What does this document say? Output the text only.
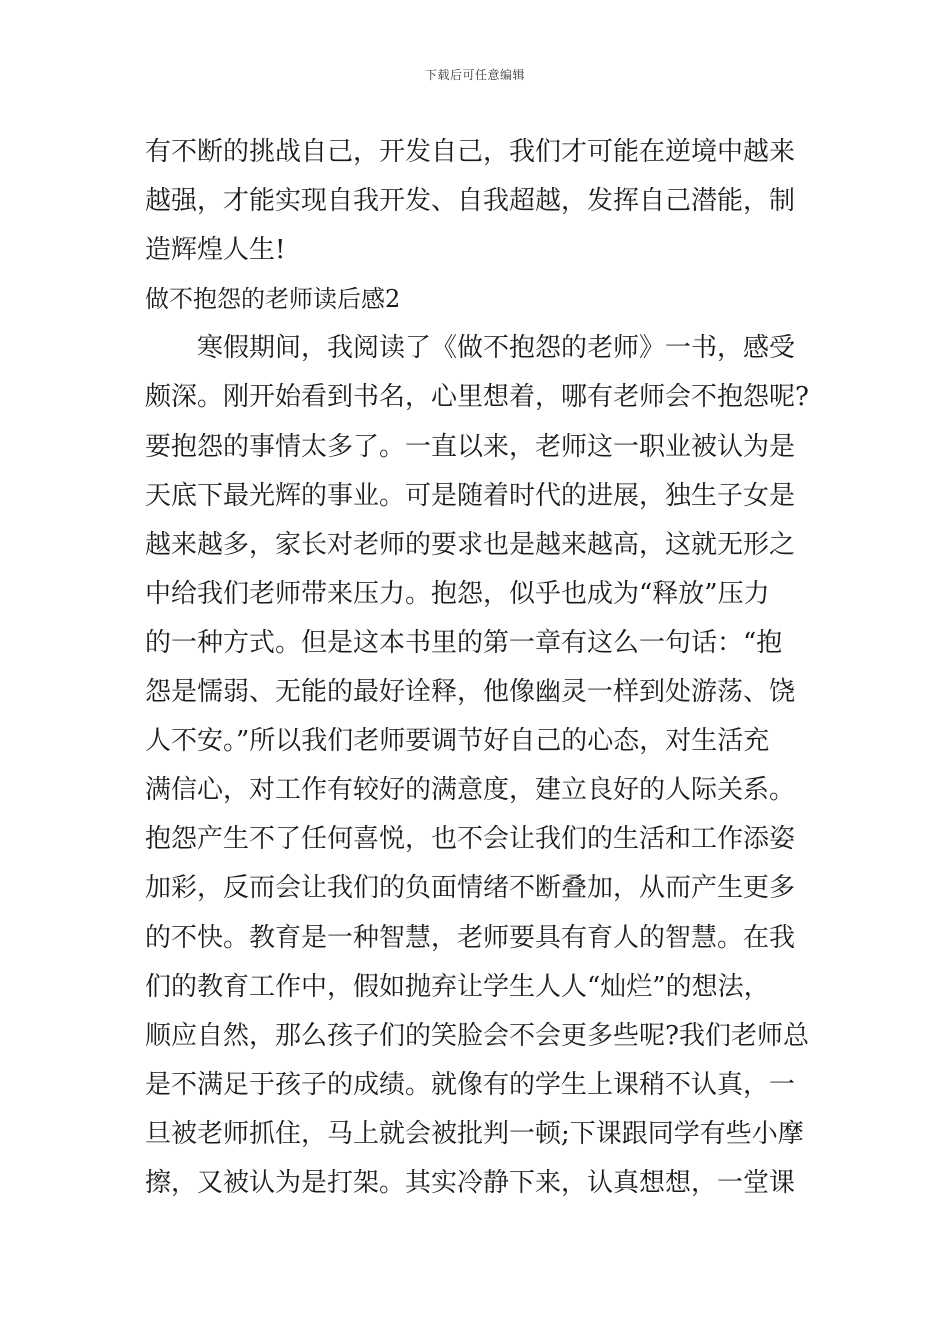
下载后可任意编辑
有不断的挑战自己，开发自己，我们才可能在逆境中越来
越强，才能实现自我开发、自我超越，发挥自己潜能，制
造辉煌人生!
做不抱怨的老师读后感2
寒假期间，我阅读了《做不抱怨的老师》一书，感受
颇深。刚开始看到书名，心里想着，哪有老师会不抱怨呢?
要抱怨的事情太多了。一直以来，老师这一职业被认为是
天底下最光辉的事业。可是随着时代的进展，独生子女是
越来越多，家长对老师的要求也是越来越高，这就无形之
中给我们老师带来压力。抱怨，似乎也成为“释放”压力
的一种方式。但是这本书里的第一章有这么一句话：“抱
怨是懦弱、无能的最好诠释，他像幽灵一样到处游荡、饶
人不安。”所以我们老师要调节好自己的心态，对生活充
满信心，对工作有较好的满意度，建立良好的人际关系。
抱怨产生不了任何喜悦，也不会让我们的生活和工作添姿
加彩，反而会让我们的负面情绪不断叠加，从而产生更多
的不快。教育是一种智慧，老师要具有育人的智慧。在我
们的教育工作中，假如抛弃让学生人人“灿烂”的想法，
顺应自然，那么孩子们的笑脸会不会更多些呢?我们老师总
是不满足于孩子的成绩。就像有的学生上课稍不认真，一
旦被老师抓住，马上就会被批判一顿;下课跟同学有些小摩
擦，又被认为是打架。其实冷静下来，认真想想，一堂课
